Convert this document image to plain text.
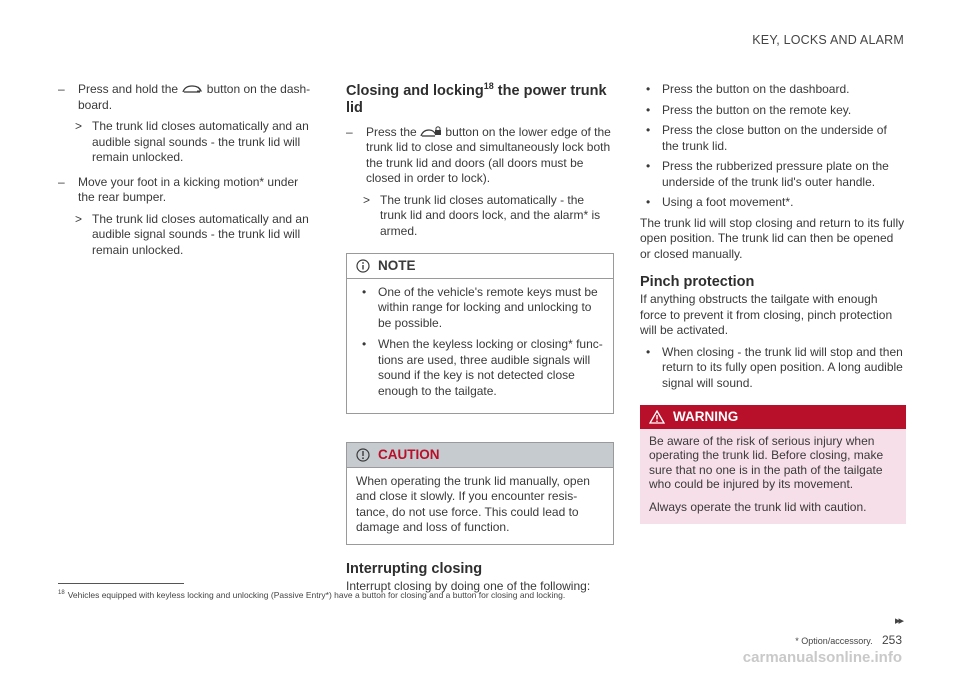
KEY, LOCKS AND ALARM
– Press and hold the button on the dash-board.
> The trunk lid closes automatically and an audible signal sounds - the trunk lid will remain unlocked.
– Move your foot in a kicking motion* under the rear bumper.
> The trunk lid closes automatically and an audible signal sounds - the trunk lid will remain unlocked.
Closing and locking$^{18}$ the power trunk lid
– Press the button on the lower edge of the trunk lid to close and simultaneously lock both the trunk lid and doors (all doors must be closed in order to lock).
> The trunk lid closes automatically - the trunk lid and doors lock, and the alarm* is armed.
NOTE
• One of the vehicle's remote keys must be within range for locking and unlocking to be possible.
• When the keyless locking or closing* func-tions are used, three audible signals will sound if the key is not detected close enough to the tailgate.
CAUTION
When operating the trunk lid manually, open and close it slowly. If you encounter resis-tance, do not use force. This could lead to damage and loss of function.
Interrupting closing

Interrupt closing by doing one of the following:

• Press the button on the dashboard.
• Press the button on the remote key.
• Press the close button on the underside of the trunk lid.
• Press the rubberized pressure plate on the underside of the trunk lid's outer handle.
• Using a foot movement*.

The trunk lid will stop closing and return to its fully open position. The trunk lid can then be opened or closed manually.

Pinch protection

If anything obstructs the tailgate with enough force to prevent it from closing, pinch protection will be activated.

• When closing - the trunk lid will stop and then return to its fully open position. A long audible signal will sound.
WARNING

Be aware of the risk of serious injury when operating the trunk lid. Before closing, make sure that no one is in the path of the tailgate who could be injured by its movement.

Always operate the trunk lid with caution.

$^{18}$ Vehicles equipped with keyless locking and unlocking (Passive Entry*) have a button for closing and a button for closing and locking.
▸▸
* Option/accessory. 253
carmanualsonline.info
